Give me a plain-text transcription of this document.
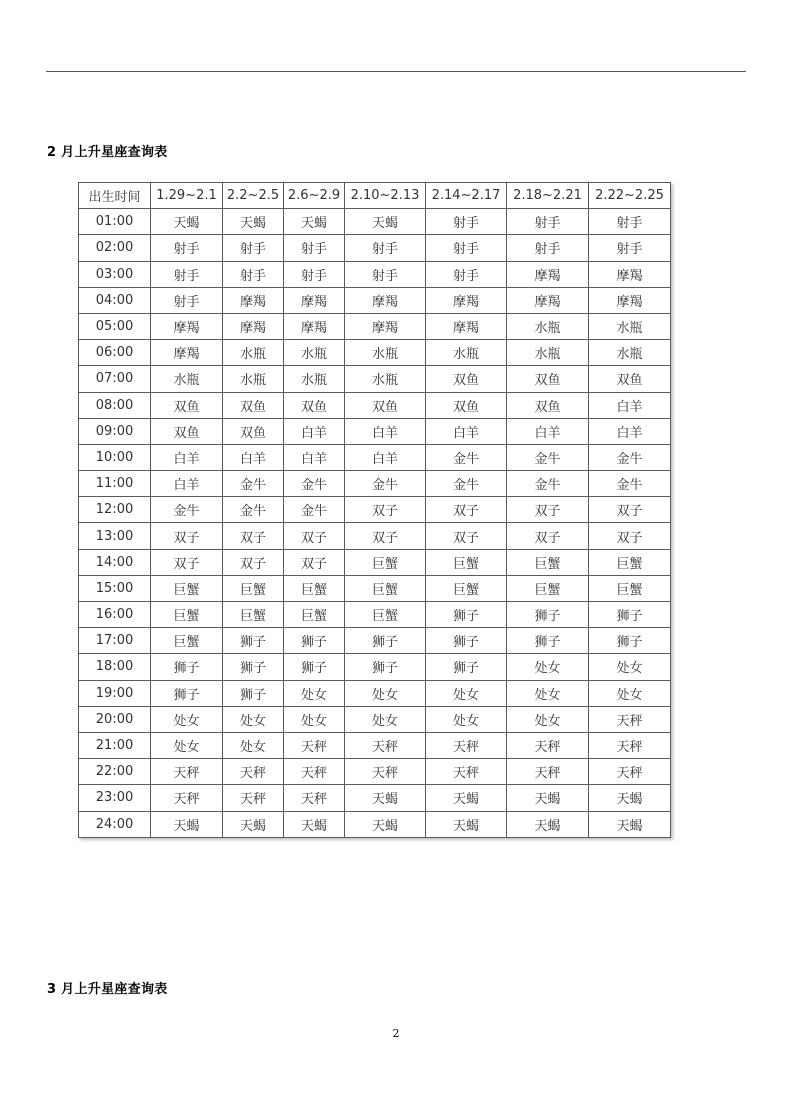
2 月上升星座查询表
出生时间	1.29~2.1	2.2~2.5	2.6~2.9	2.10~2.13	2.14~2.17	2.18~2.21	2.22~2.25
01:00	天蝎	天蝎	天蝎	天蝎	射手	射手	射手
02:00	射手	射手	射手	射手	射手	射手	射手
03:00	射手	射手	射手	射手	射手	摩羯	摩羯
04:00	射手	摩羯	摩羯	摩羯	摩羯	摩羯	摩羯
05:00	摩羯	摩羯	摩羯	摩羯	摩羯	水瓶	水瓶
06:00	摩羯	水瓶	水瓶	水瓶	水瓶	水瓶	水瓶
07:00	水瓶	水瓶	水瓶	水瓶	双鱼	双鱼	双鱼
08:00	双鱼	双鱼	双鱼	双鱼	双鱼	双鱼	白羊
09:00	双鱼	双鱼	白羊	白羊	白羊	白羊	白羊
10:00	白羊	白羊	白羊	白羊	金牛	金牛	金牛
11:00	白羊	金牛	金牛	金牛	金牛	金牛	金牛
12:00	金牛	金牛	金牛	双子	双子	双子	双子
13:00	双子	双子	双子	双子	双子	双子	双子
14:00	双子	双子	双子	巨蟹	巨蟹	巨蟹	巨蟹
15:00	巨蟹	巨蟹	巨蟹	巨蟹	巨蟹	巨蟹	巨蟹
16:00	巨蟹	巨蟹	巨蟹	巨蟹	狮子	狮子	狮子
17:00	巨蟹	狮子	狮子	狮子	狮子	狮子	狮子
18:00	狮子	狮子	狮子	狮子	狮子	处女	处女
19:00	狮子	狮子	处女	处女	处女	处女	处女
20:00	处女	处女	处女	处女	处女	处女	天秤
21:00	处女	处女	天秤	天秤	天秤	天秤	天秤
22:00	天秤	天秤	天秤	天秤	天秤	天秤	天秤
23:00	天秤	天秤	天秤	天蝎	天蝎	天蝎	天蝎
24:00	天蝎	天蝎	天蝎	天蝎	天蝎	天蝎	天蝎
3 月上升星座查询表
2
